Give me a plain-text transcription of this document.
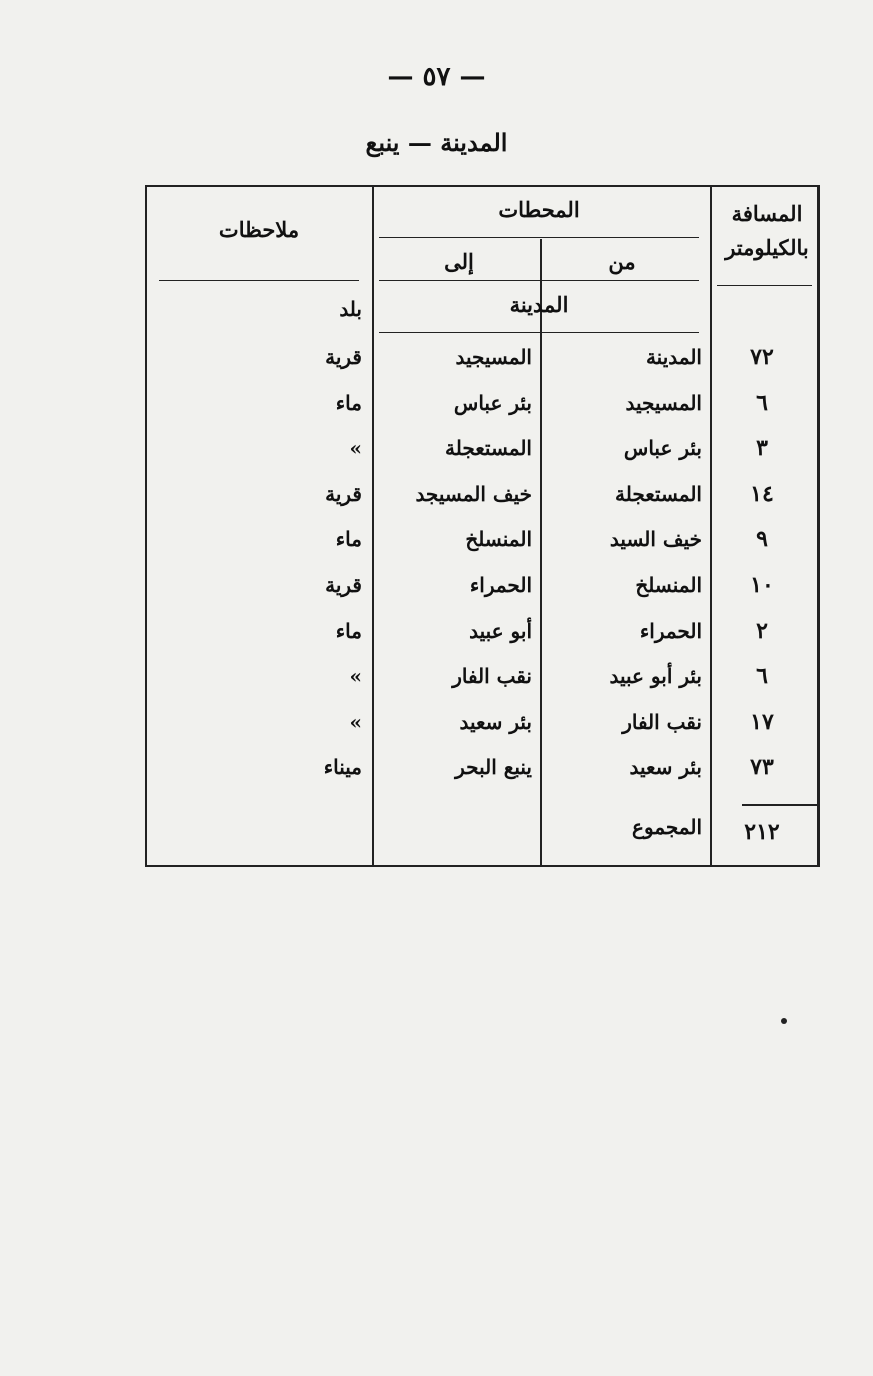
— ٥٧ —
المدينة — ينبع
المسافة
بالكيلومتر
المحطات
من
إلى
ملاحظات
المدينة
بلد
٧٢
المدينة
المسيجيد
قرية
٦
المسيجيد
بئر عباس
ماء
٣
بئر عباس
المستعجلة
»
١٤
المستعجلة
خيف المسيجد
قرية
٩
خيف السيد
المنسلخ
ماء
١٠
المنسلخ
الحمراء
قرية
٢
الحمراء
أبو عبيد
ماء
٦
بئر أبو عبيد
نقب الفار
»
١٧
نقب الفار
بئر سعيد
»
٧٣
بئر سعيد
ينبع البحر
ميناء
٢١٢
المجموع
